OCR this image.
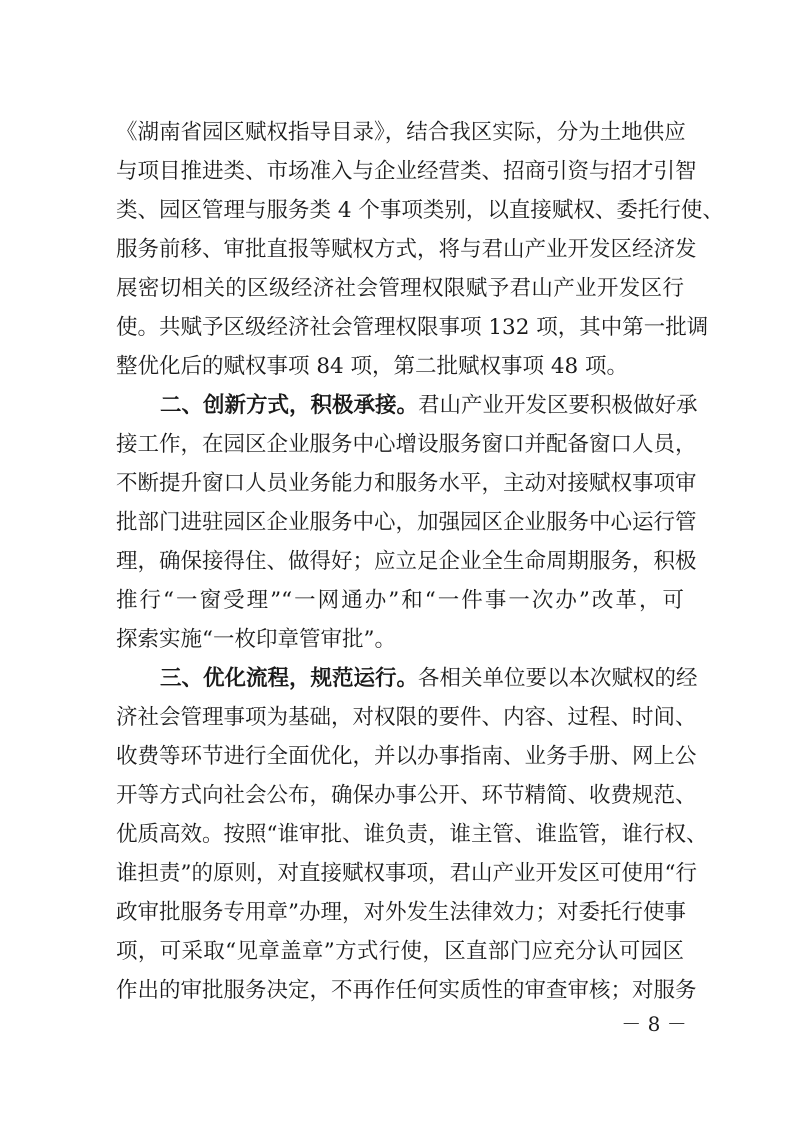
《湖南省园区赋权指导目录》，结合我区实际，分为土地供应
与项目推进类、市场准入与企业经营类、招商引资与招才引智
类、园区管理与服务类 4 个事项类别，以直接赋权、委托行使、
服务前移、审批直报等赋权方式，将与君山产业开发区经济发
展密切相关的区级经济社会管理权限赋予君山产业开发区行
使。共赋予区级经济社会管理权限事项 132 项，其中第一批调
整优化后的赋权事项 84 项，第二批赋权事项 48 项。
二、创新方式，积极承接。君山产业开发区要积极做好承
接工作，在园区企业服务中心增设服务窗口并配备窗口人员，
不断提升窗口人员业务能力和服务水平，主动对接赋权事项审
批部门进驻园区企业服务中心，加强园区企业服务中心运行管
理，确保接得住、做得好；应立足企业全生命周期服务，积极
推行“一窗受理”“一网通办”和“一件事一次办”改革，可
探索实施“一枚印章管审批”。
三、优化流程，规范运行。各相关单位要以本次赋权的经
济社会管理事项为基础，对权限的要件、内容、过程、时间、
收费等环节进行全面优化，并以办事指南、业务手册、网上公
开等方式向社会公布，确保办事公开、环节精简、收费规范、
优质高效。按照“谁审批、谁负责，谁主管、谁监管，谁行权、
谁担责”的原则，对直接赋权事项，君山产业开发区可使用“行
政审批服务专用章”办理，对外发生法律效力；对委托行使事
项，可采取“见章盖章”方式行使，区直部门应充分认可园区
作出的审批服务决定，不再作任何实质性的审查审核；对服务
－ 8 －
